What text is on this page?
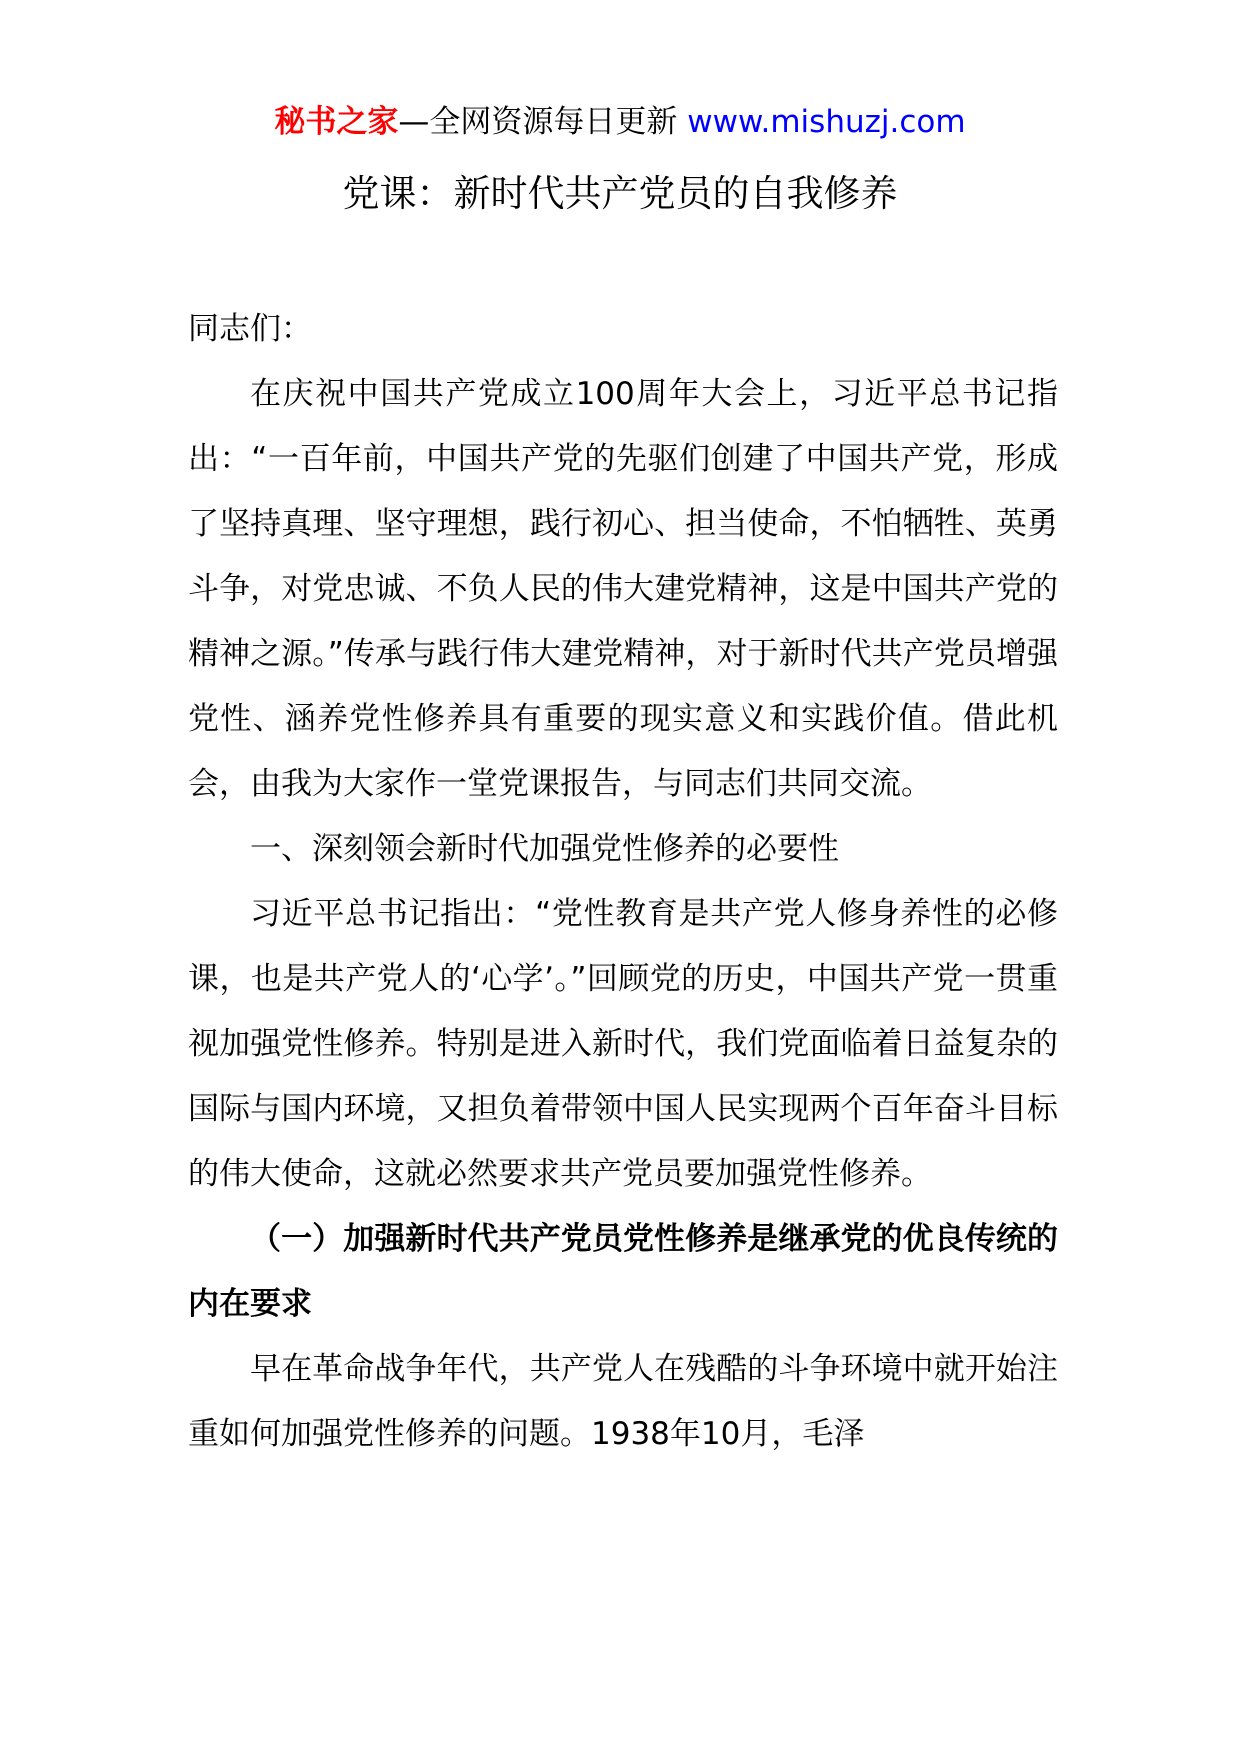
秘书之家—全网资源每日更新 www.mishuzj.com
党课：新时代共产党员的自我修养

同志们：

在庆祝中国共产党成立100周年大会上，习近平总书记指出：“一百年前，中国共产党的先驱们创建了中国共产党，形成了坚持真理、坚守理想，践行初心、担当使命，不怕牺牲、英勇斗争，对党忠诚、不负人民的伟大建党精神，这是中国共产党的精神之源。”传承与践行伟大建党精神，对于新时代共产党员增强党性、涵养党性修养具有重要的现实意义和实践价值。借此机会，由我为大家作一堂党课报告，与同志们共同交流。

一、深刻领会新时代加强党性修养的必要性

习近平总书记指出：“党性教育是共产党人修身养性的必修课，也是共产党人的‘心学’。”回顾党的历史，中国共产党一贯重视加强党性修养。特别是进入新时代，我们党面临着日益复杂的国际与国内环境，又担负着带领中国人民实现两个百年奋斗目标的伟大使命，这就必然要求共产党员要加强党性修养。

（一）加强新时代共产党员党性修养是继承党的优良传统的内在要求

早在革命战争年代，共产党人在残酷的斗争环境中就开始注重如何加强党性修养的问题。1938年10月，毛泽
